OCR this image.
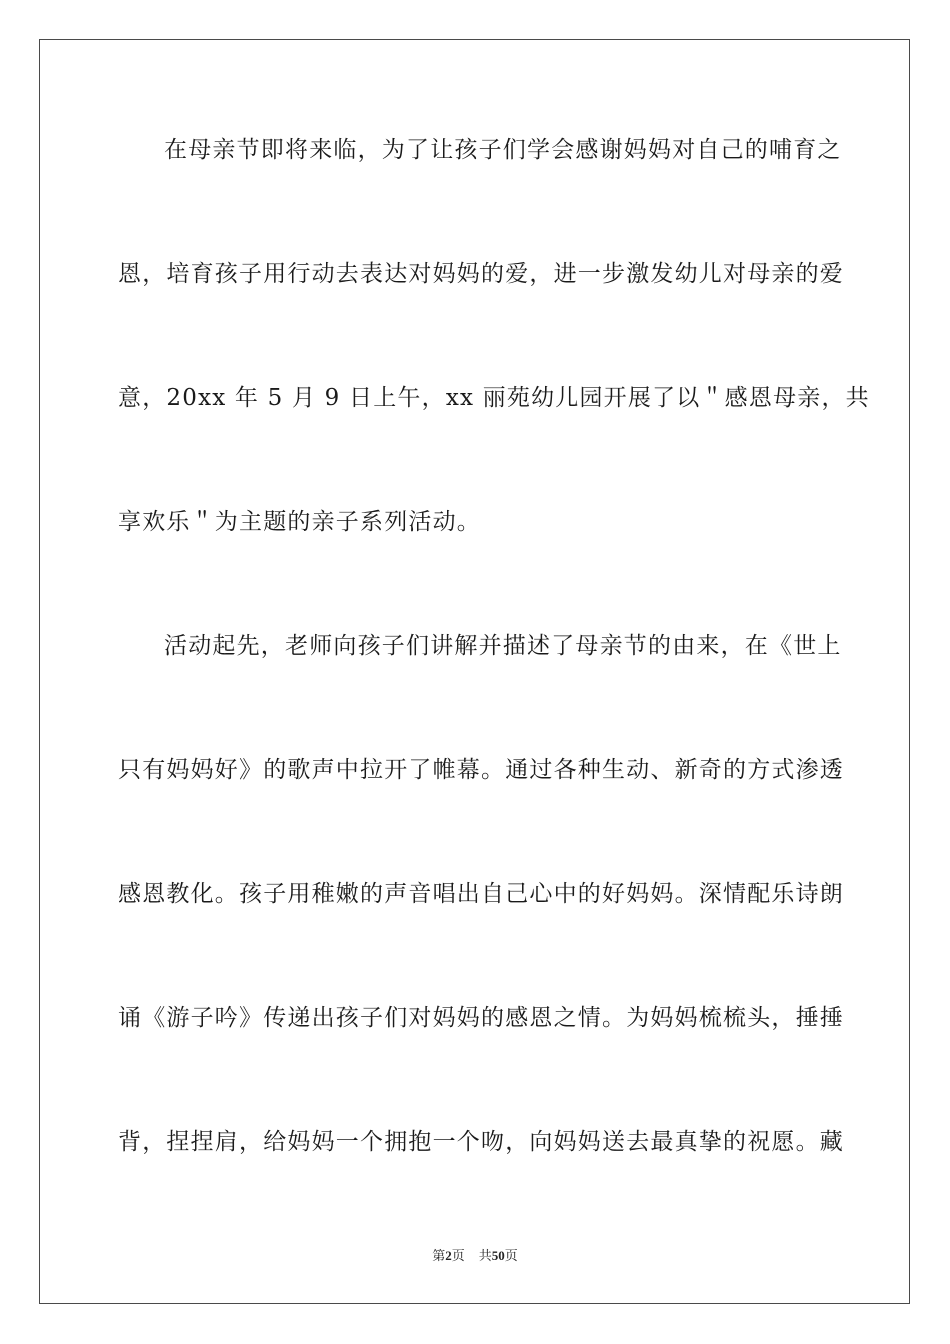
在母亲节即将来临，为了让孩子们学会感谢妈妈对自己的哺育之
恩，培育孩子用行动去表达对妈妈的爱，进一步激发幼儿对母亲的爱
意，20xx 年 5 月 9 日上午，xx 丽苑幼儿园开展了以＂感恩母亲，共
享欢乐＂为主题的亲子系列活动。
活动起先，老师向孩子们讲解并描述了母亲节的由来，在《世上
只有妈妈好》的歌声中拉开了帷幕。通过各种生动、新奇的方式渗透
感恩教化。孩子用稚嫩的声音唱出自己心中的好妈妈。深情配乐诗朗
诵《游子吟》传递出孩子们对妈妈的感恩之情。为妈妈梳梳头，捶捶
背，捏捏肩，给妈妈一个拥抱一个吻，向妈妈送去最真挚的祝愿。藏
第2页 共50页
